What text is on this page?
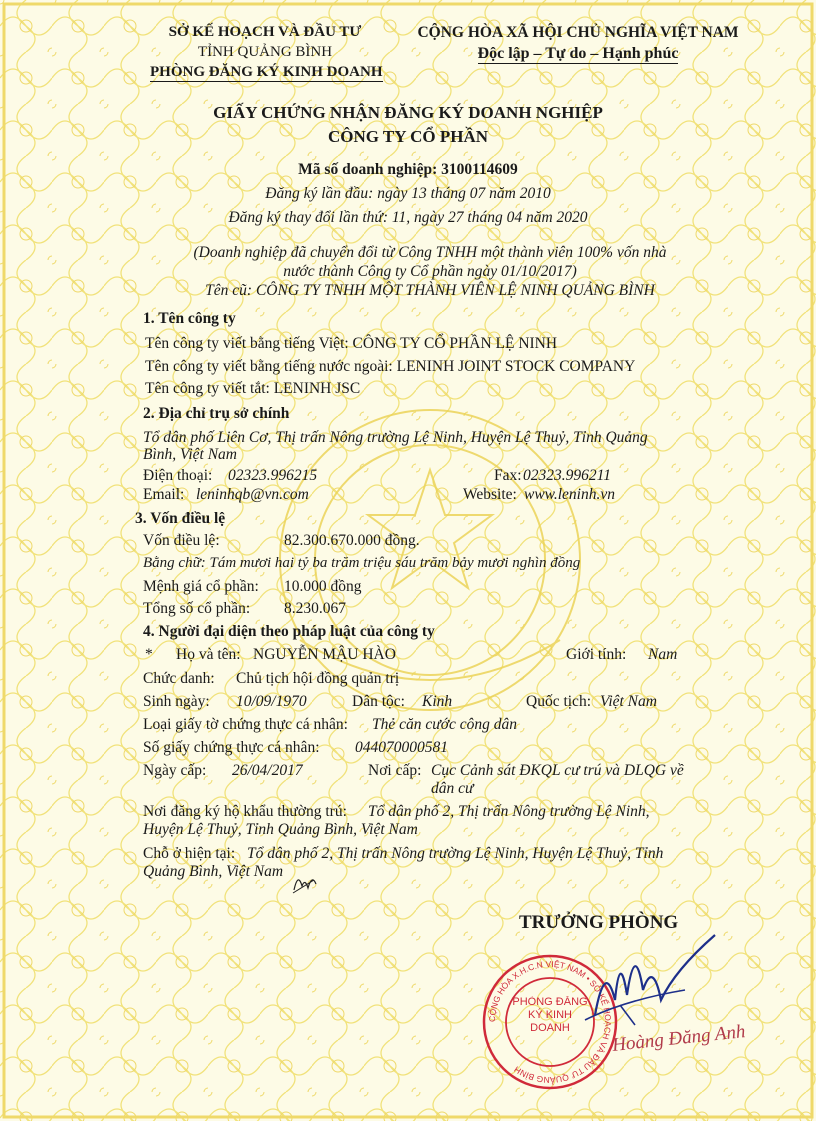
SỞ KẾ HOẠCH VÀ ĐẦU TƯ
TỈNH QUẢNG BÌNH
PHÒNG ĐĂNG KÝ KINH DOANH
CỘNG HÒA XÃ HỘI CHỦ NGHĨA VIỆT NAM
Độc lập – Tự do – Hạnh phúc
GIẤY CHỨNG NHẬN ĐĂNG KÝ DOANH NGHIỆP
CÔNG TY CỔ PHẦN
Mã số doanh nghiệp: 3100114609
Đăng ký lần đầu: ngày 13 tháng 07 năm 2010
Đăng ký thay đổi lần thứ: 11, ngày 27 tháng 04 năm 2020
(Doanh nghiệp đã chuyển đổi từ Công TNHH một thành viên 100% vốn nhà
nước thành Công ty Cổ phần ngày 01/10/2017)
Tên cũ: CÔNG TY TNHH MỘT THÀNH VIÊN LỆ NINH QUẢNG BÌNH
1. Tên công ty
Tên công ty viết bằng tiếng Việt: CÔNG TY CỔ PHẦN LỆ NINH
Tên công ty viết bằng tiếng nước ngoài: LENINH JOINT STOCK COMPANY
Tên công ty viết tắt: LENINH JSC
2. Địa chỉ trụ sở chính
Tổ dân phố Liên Cơ, Thị trấn Nông trường Lệ Ninh, Huyện Lệ Thuỷ, Tỉnh Quảng
Bình, Việt Nam
Điện thoại: 02323.996215	Fax: 02323.996211
Email: leninhqb@vn.com	Website: www.leninh.vn
3. Vốn điều lệ
Vốn điều lệ:	82.300.670.000 đồng.
Bằng chữ: Tám mươi hai tỷ ba trăm triệu sáu trăm bảy mươi nghìn đồng
Mệnh giá cổ phần: 10.000 đồng
Tổng số cổ phần: 8.230.067
4. Người đại diện theo pháp luật của công ty
* Họ và tên: NGUYỄN MẬU HÀO	Giới tính: Nam
Chức danh: Chủ tịch hội đồng quản trị
Sinh ngày: 10/09/1970	Dân tộc: Kinh	Quốc tịch: Việt Nam
Loại giấy tờ chứng thực cá nhân: Thẻ căn cước công dân
Số giấy chứng thực cá nhân: 044070000581
Ngày cấp: 26/04/2017	Nơi cấp: Cục Cảnh sát ĐKQL cư trú và DLQG về
dân cư
Nơi đăng ký hộ khẩu thường trú: Tổ dân phố 2, Thị trấn Nông trường Lệ Ninh,
Huyện Lệ Thuỷ, Tỉnh Quảng Bình, Việt Nam
Chỗ ở hiện tại: Tổ dân phố 2, Thị trấn Nông trường Lệ Ninh, Huyện Lệ Thuỷ, Tỉnh
Quảng Bình, Việt Nam
TRƯỞNG PHÒNG
CỘNG HÒA X.H.C.N VIỆT NAM • SỞ KẾ HOẠCH VÀ ĐẦU TƯ QUẢNG BÌNH
PHÒNG ĐĂNG KÝ KINH DOANH	Hoàng Đăng Anh
